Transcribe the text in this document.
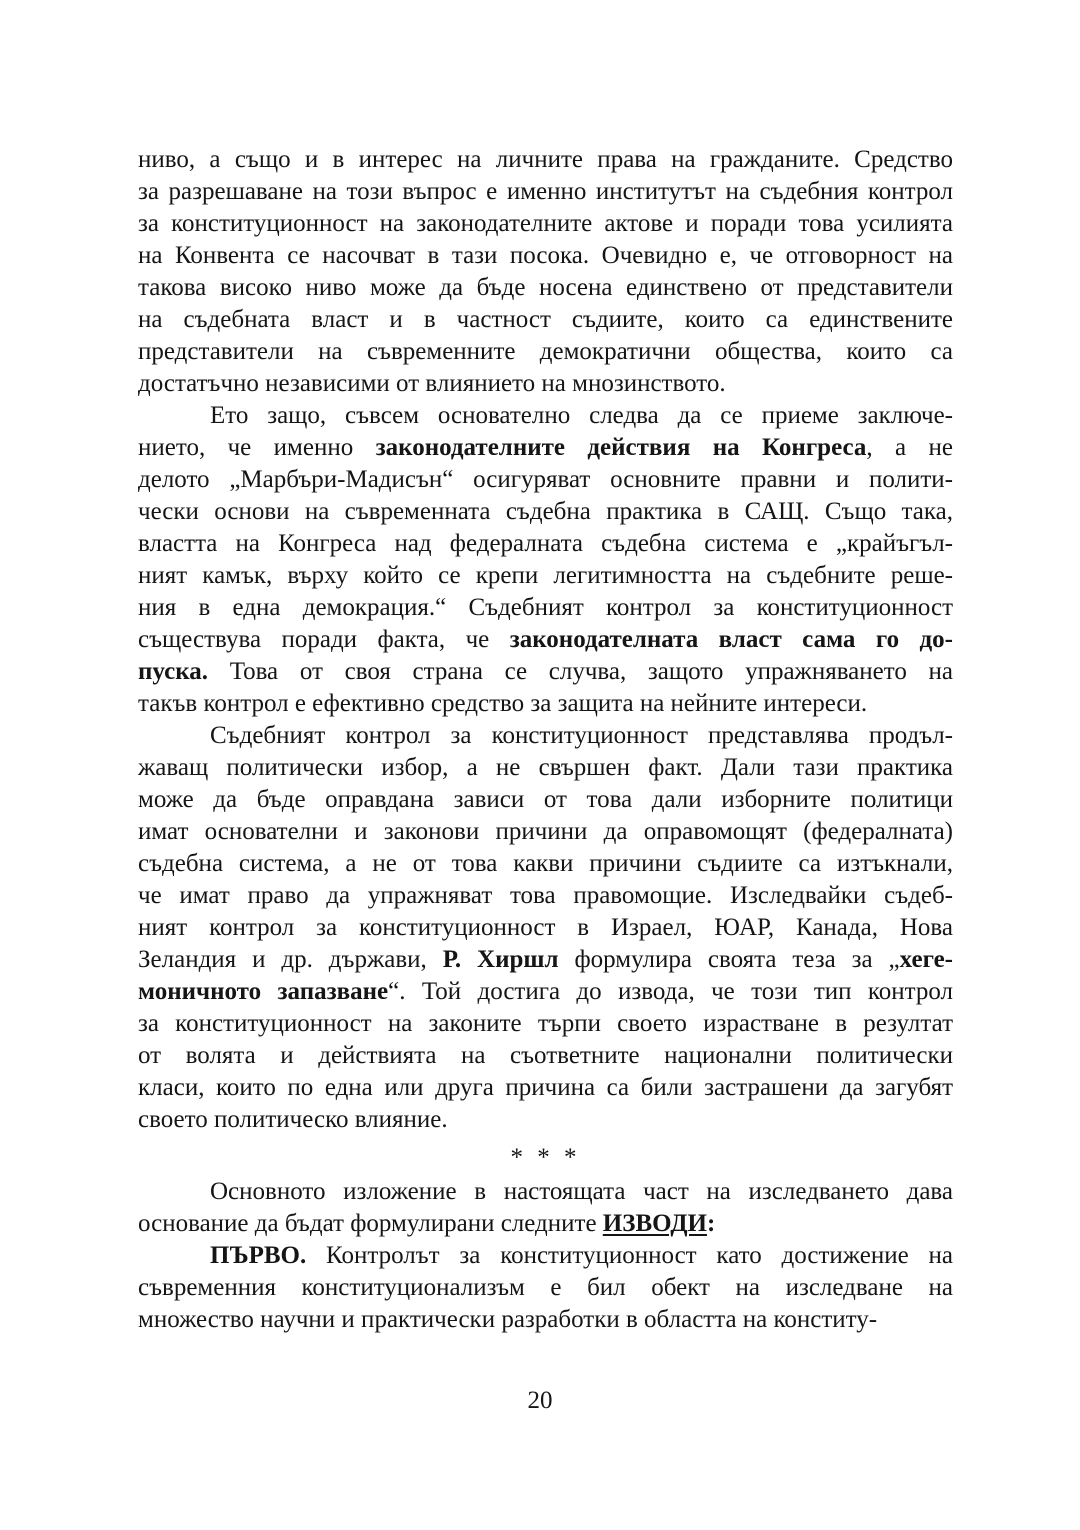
ниво, а също и в интерес на личните права на гражданите. Средство
за разрешаване на този въпрос е именно институтът на съдебния контрол
за конституционност на законодателните актове и поради това усилията
на Конвента се насочват в тази посока. Очевидно е, че отговорност на
такова високо ниво може да бъде носена единствено от представители
на съдебната власт и в частност съдиите, които са единствените
представители на съвременните демократични общества, които са
достатъчно независими от влиянието на мнозинството.
Ето защо, съвсем основателно следва да се приеме заключе-
нието, че именно законодателните действия на Конгреса, а не
делото „Марбъри-Мадисън“ осигуряват основните правни и полити-
чески основи на съвременната съдебна практика в САЩ. Също така,
властта на Конгреса над федералната съдебна система е „крайъгъл-
ният камък, върху който се крепи легитимността на съдебните реше-
ния в една демокрация.“ Съдебният контрол за конституционност
съществува поради факта, че законодателната власт сама го до-
пуска. Това от своя страна се случва, защото упражняването на
такъв контрол е ефективно средство за защита на нейните интереси.
Съдебният контрол за конституционност представлява продъл-
жаващ политически избор, а не свършен факт. Дали тази практика
може да бъде оправдана зависи от това дали изборните политици
имат основателни и законови причини да оправомощят (федералната)
съдебна система, а не от това какви причини съдиите са изтъкнали,
че имат право да упражняват това правомощие. Изследвайки съдеб-
ният контрол за конституционност в Израел, ЮАР, Канада, Нова
Зеландия и др. държави, Р. Хиршл формулира своята теза за „хеге-
моничното запазване“. Той достига до извода, че този тип контрол
за конституционност на законите търпи своето израстване в резултат
от волята и действията на съответните национални политически
класи, които по една или друга причина са били застрашени да загубят
своето политическо влияние.
* * *
Основното изложение в настоящата част на изследването дава
основание да бъдат формулирани следните ИЗВОДИ:
ПЪРВО. Контролът за конституционност като достижение на
съвременния конституционализъм е бил обект на изследване на
множество научни и практически разработки в областта на конститу-
20
